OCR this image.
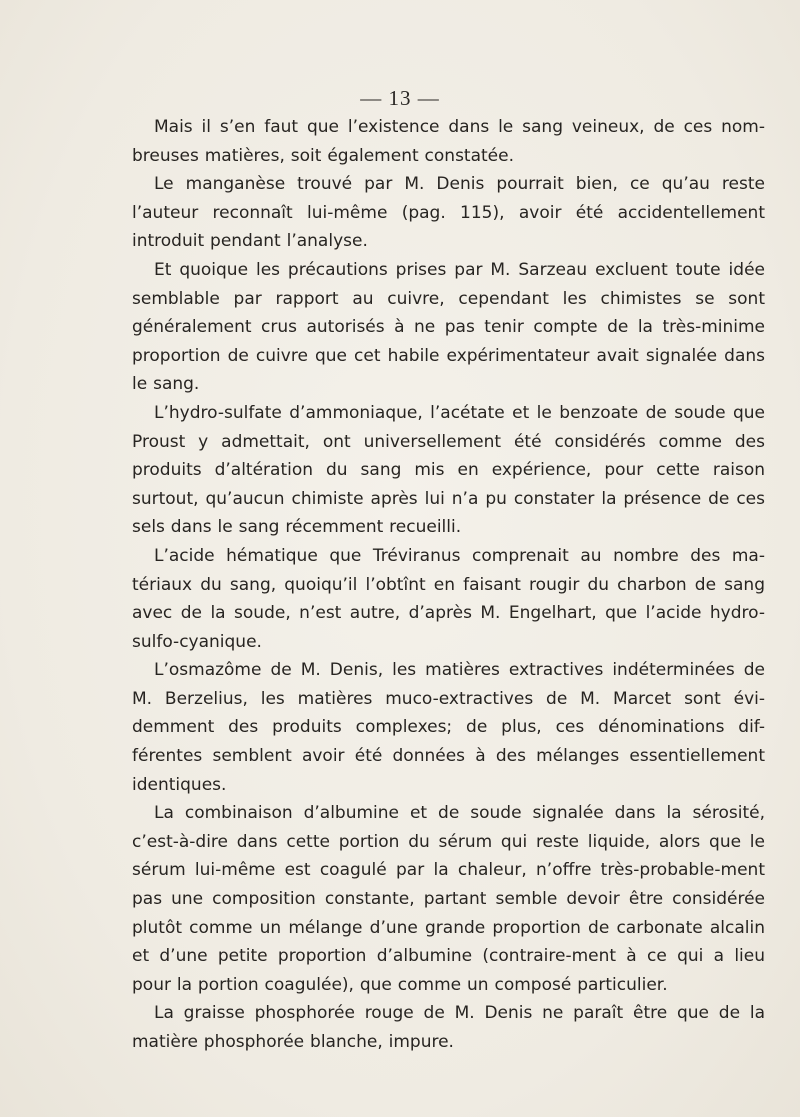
— 13 —

Mais il s’en faut que l’existence dans le sang veineux, de ces nom-breuses matières, soit également constatée.

Le manganèse trouvé par M. Denis pourrait bien, ce qu’au reste l’auteur reconnaît lui-même (pag. 115), avoir été accidentellement introduit pendant l’analyse.

Et quoique les précautions prises par M. Sarzeau excluent toute idée semblable par rapport au cuivre, cependant les chimistes se sont généralement crus autorisés à ne pas tenir compte de la très-minime proportion de cuivre que cet habile expérimentateur avait signalée dans le sang.

L’hydro-sulfate d’ammoniaque, l’acétate et le benzoate de soude que Proust y admettait, ont universellement été considérés comme des produits d’altération du sang mis en expérience, pour cette raison surtout, qu’aucun chimiste après lui n’a pu constater la présence de ces sels dans le sang récemment recueilli.

L’acide hématique que Tréviranus comprenait au nombre des ma-tériaux du sang, quoiqu’il l’obtînt en faisant rougir du charbon de sang avec de la soude, n’est autre, d’après M. Engelhart, que l’acide hydro-sulfo-cyanique.

L’osmazôme de M. Denis, les matières extractives indéterminées de M. Berzelius, les matières muco-extractives de M. Marcet sont évi-demment des produits complexes; de plus, ces dénominations dif-férentes semblent avoir été données à des mélanges essentiellement identiques.

La combinaison d’albumine et de soude signalée dans la sérosité, c’est-à-dire dans cette portion du sérum qui reste liquide, alors que le sérum lui-même est coagulé par la chaleur, n’offre très-probable-ment pas une composition constante, partant semble devoir être considérée plutôt comme un mélange d’une grande proportion de carbonate alcalin et d’une petite proportion d’albumine (contraire-ment à ce qui a lieu pour la portion coagulée), que comme un composé particulier.

La graisse phosphorée rouge de M. Denis ne paraît être que de la matière phosphorée blanche, impure.
